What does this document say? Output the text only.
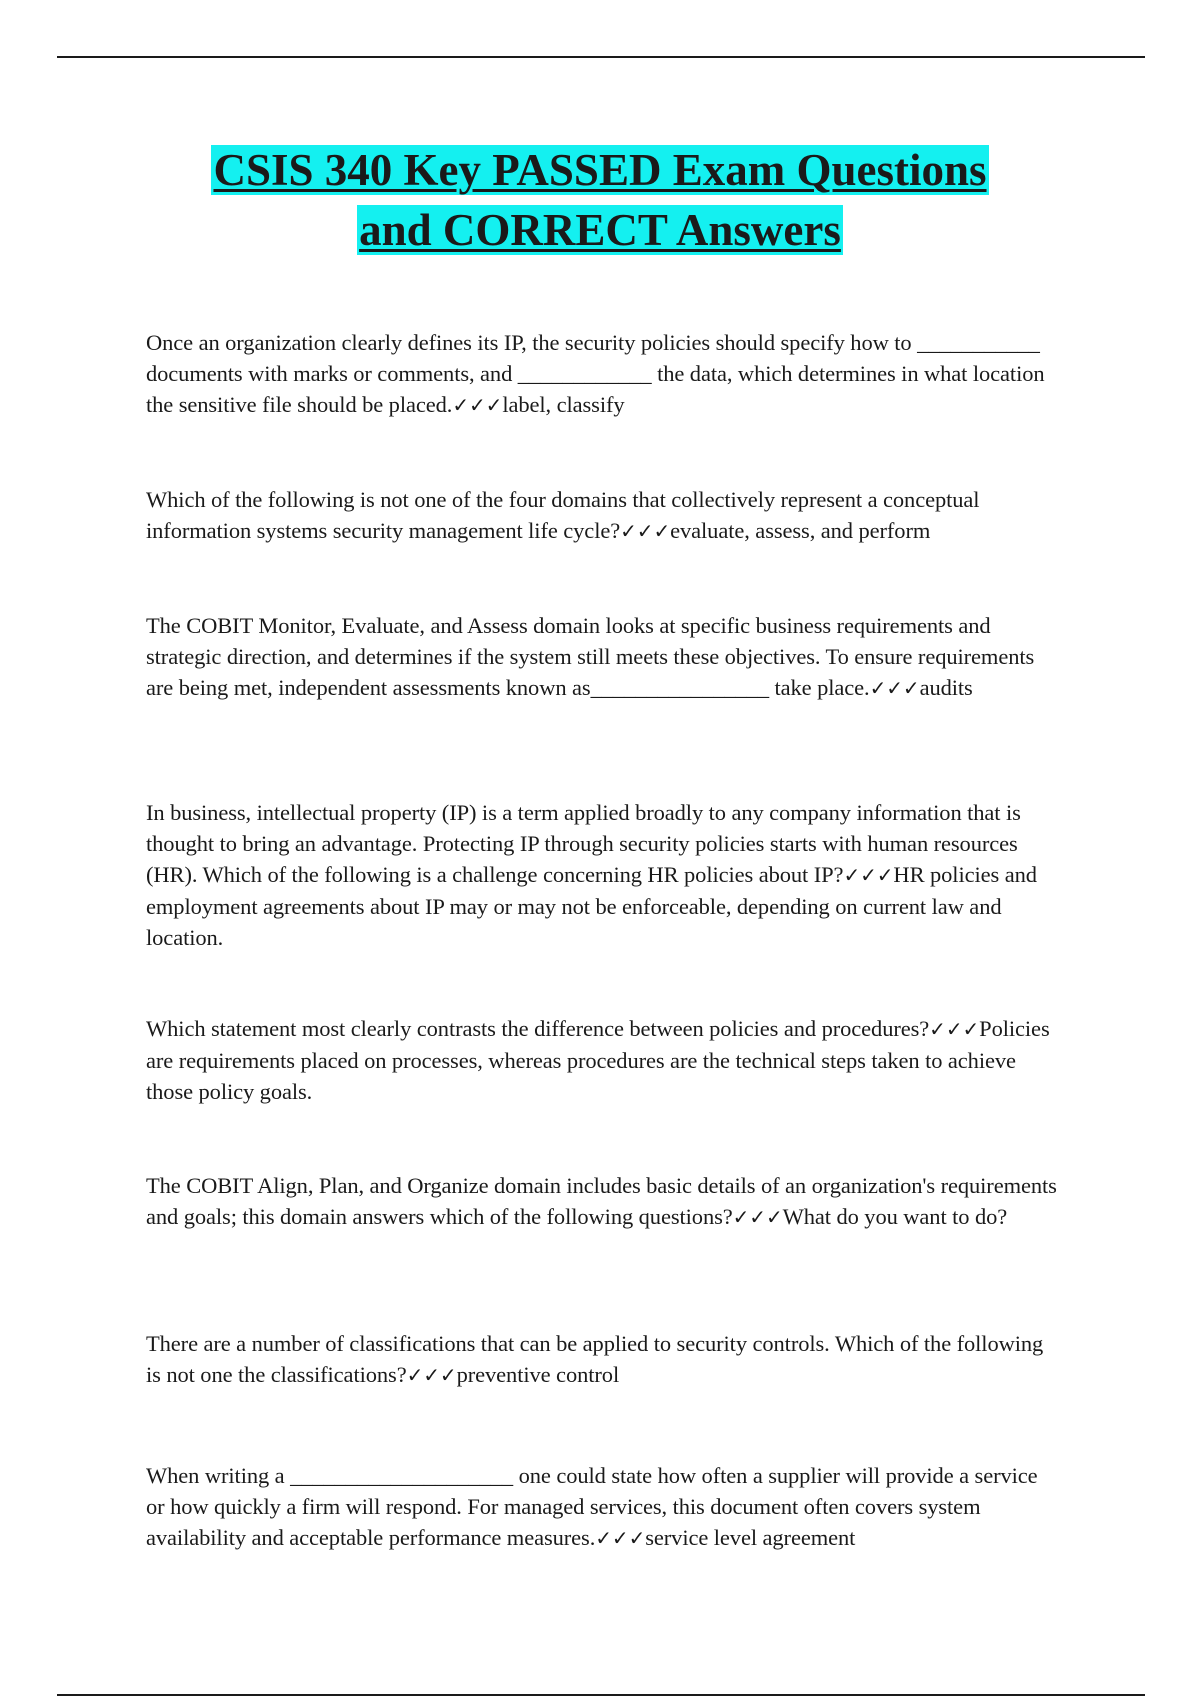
CSIS 340 Key PASSED Exam Questions
and CORRECT Answers

Once an organization clearly defines its IP, the security policies should specify how to ___________ documents with marks or comments, and ____________ the data, which determines in what location the sensitive file should be placed.✓✓✓label, classify

Which of the following is not one of the four domains that collectively represent a conceptual information systems security management life cycle?✓✓✓evaluate, assess, and perform

The COBIT Monitor, Evaluate, and Assess domain looks at specific business requirements and strategic direction, and determines if the system still meets these objectives. To ensure requirements are being met, independent assessments known as________________ take place.✓✓✓audits

In business, intellectual property (IP) is a term applied broadly to any company information that is thought to bring an advantage. Protecting IP through security policies starts with human resources (HR). Which of the following is a challenge concerning HR policies about IP?✓✓✓HR policies and employment agreements about IP may or may not be enforceable, depending on current law and location.

Which statement most clearly contrasts the difference between policies and procedures?✓✓✓Policies are requirements placed on processes, whereas procedures are the technical steps taken to achieve those policy goals.

The COBIT Align, Plan, and Organize domain includes basic details of an organization's requirements and goals; this domain answers which of the following questions?✓✓✓What do you want to do?

There are a number of classifications that can be applied to security controls. Which of the following is not one the classifications?✓✓✓preventive control

When writing a ____________________ one could state how often a supplier will provide a service or how quickly a firm will respond. For managed services, this document often covers system availability and acceptable performance measures.✓✓✓service level agreement
